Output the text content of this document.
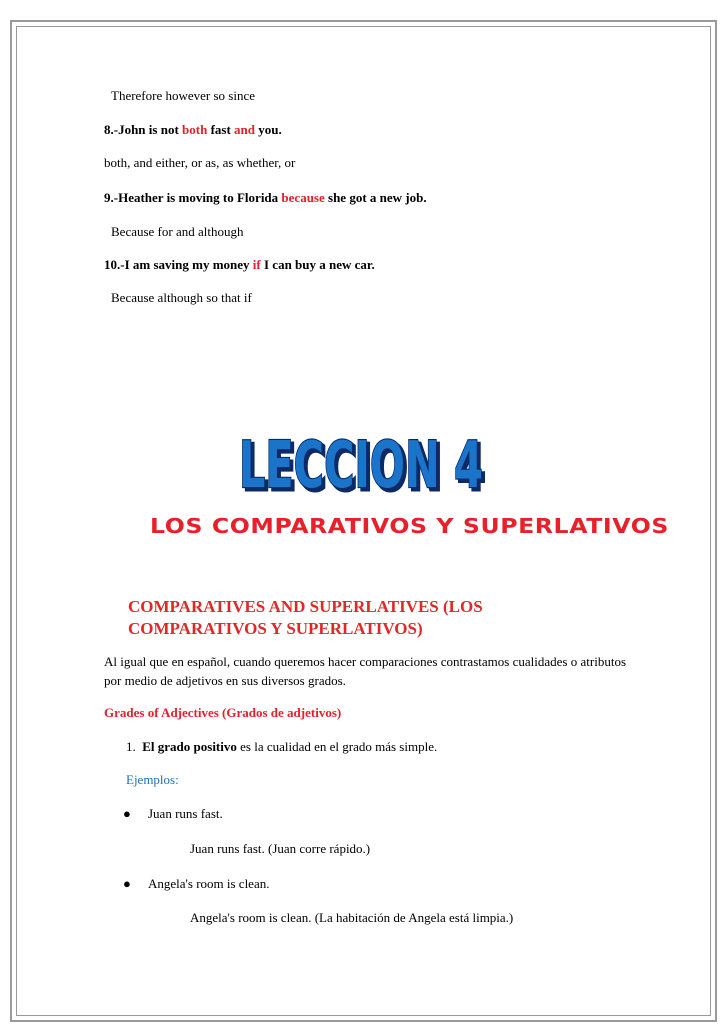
Therefore however so since
8.-John is not both fast and you.
both, and either, or as, as whether, or
9.-Heather is moving to Florida because she got a new job.
Because for and although
10.-I am saving my money if I can buy a new car.
Because although so that if
LECCION 4
LECCION 4
LOS COMPARATIVOS Y SUPERLATIVOS
COMPARATIVES AND SUPERLATIVES (LOS
COMPARATIVOS Y SUPERLATIVOS)
Al igual que en español, cuando queremos hacer comparaciones contrastamos cualidades o atributos por medio de adjetivos en sus diversos grados.
Grades of Adjectives (Grados de adjetivos)
1. El grado positivo es la cualidad en el grado más simple.
Ejemplos:
● Juan runs fast.
Juan runs fast. (Juan corre rápido.)
● Angela's room is clean.
Angela's room is clean. (La habitación de Angela está limpia.)
